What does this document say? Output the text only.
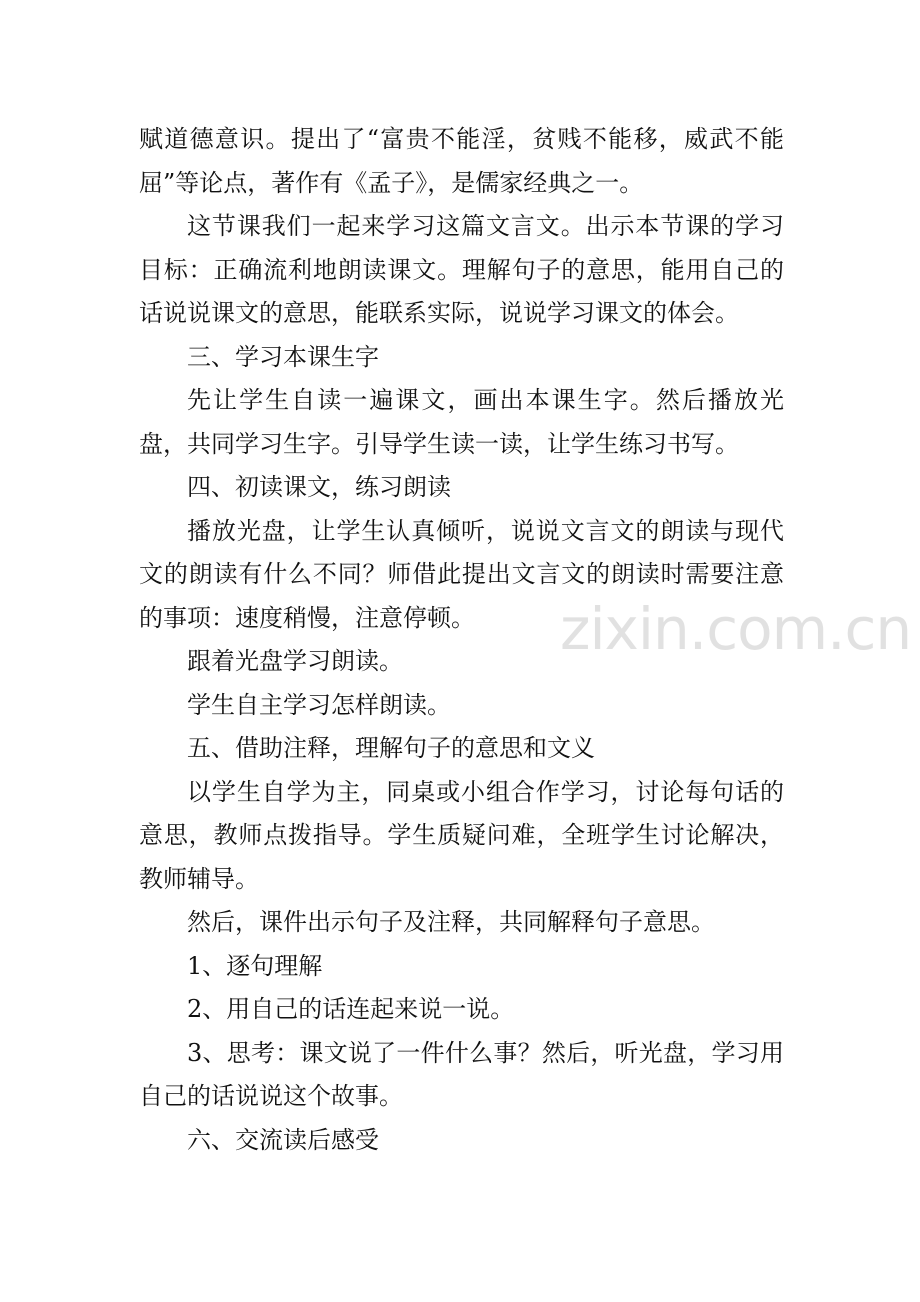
赋道德意识。提出了“富贵不能淫，贫贱不能移，威武不能屈”等论点，著作有《孟子》，是儒家经典之一。

这节课我们一起来学习这篇文言文。出示本节课的学习目标：正确流利地朗读课文。理解句子的意思，能用自己的话说说课文的意思，能联系实际，说说学习课文的体会。

三、学习本课生字

先让学生自读一遍课文，画出本课生字。然后播放光盘，共同学习生字。引导学生读一读，让学生练习书写。

四、初读课文，练习朗读

播放光盘，让学生认真倾听，说说文言文的朗读与现代文的朗读有什么不同？师借此提出文言文的朗读时需要注意的事项：速度稍慢，注意停顿。

跟着光盘学习朗读。

学生自主学习怎样朗读。

五、借助注释，理解句子的意思和文义

以学生自学为主，同桌或小组合作学习，讨论每句话的意思，教师点拨指导。学生质疑问难，全班学生讨论解决，教师辅导。

然后，课件出示句子及注释，共同解释句子意思。

1、逐句理解

2、用自己的话连起来说一说。

3、思考：课文说了一件什么事？然后，听光盘，学习用自己的话说说这个故事。

六、交流读后感受

zixin.com.cn
